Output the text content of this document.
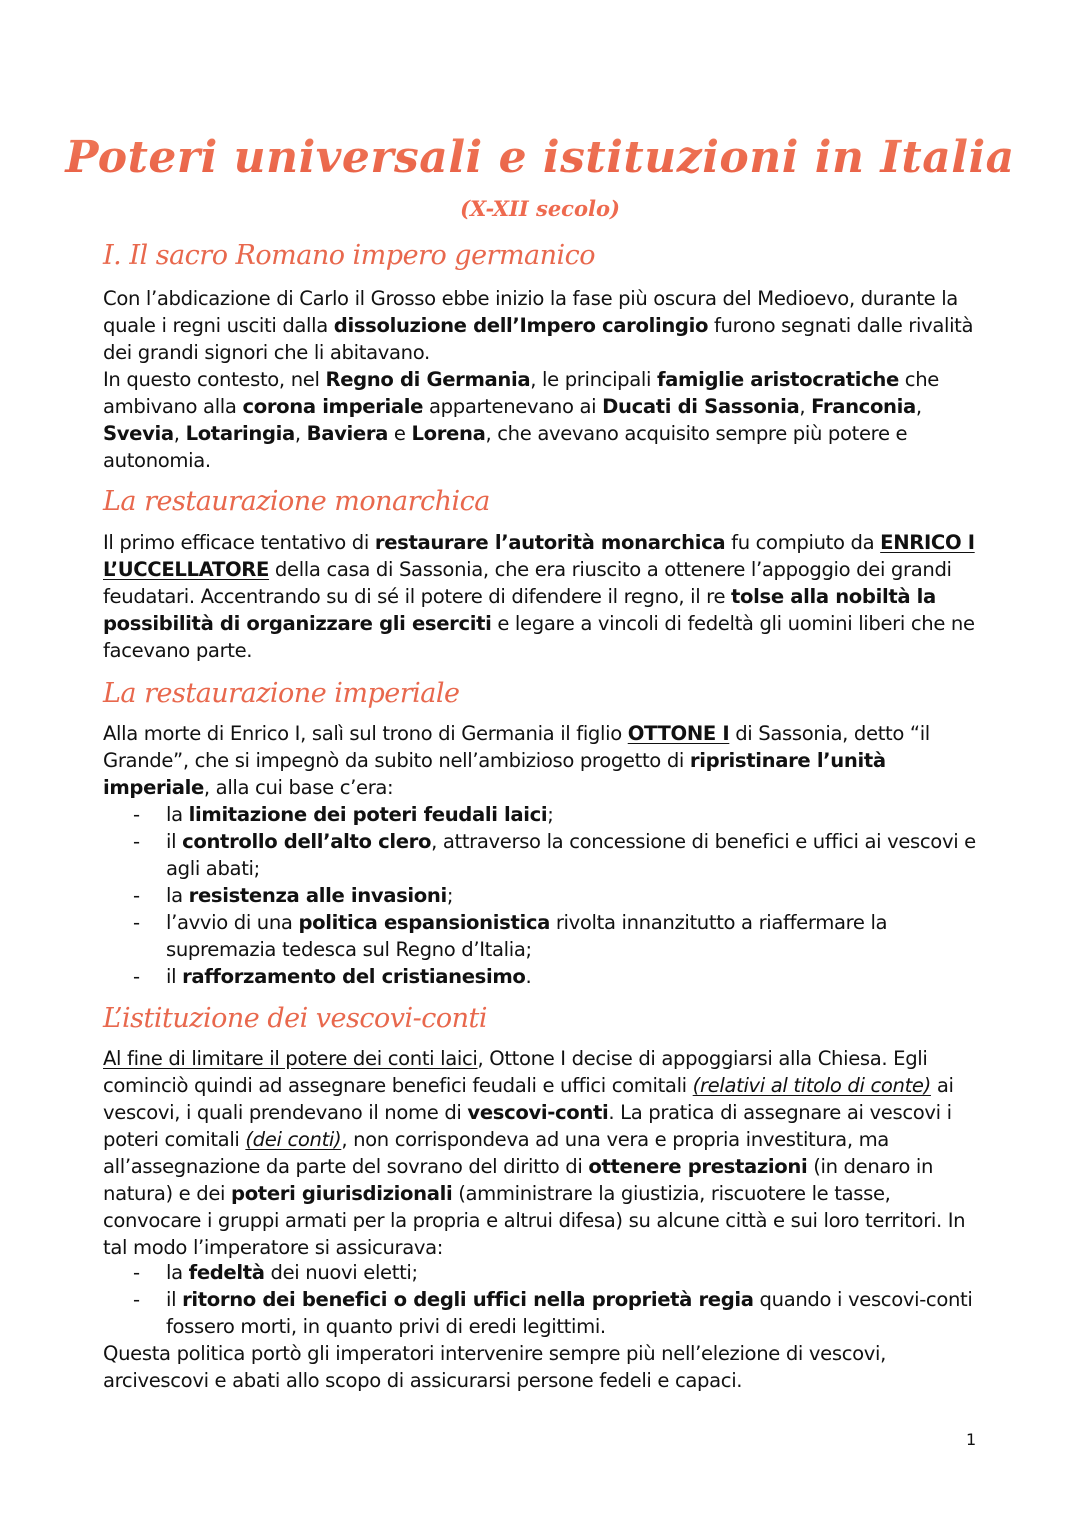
Poteri universali e istituzioni in Italia
(X-XII secolo)
I. Il sacro Romano impero germanico
Con l’abdicazione di Carlo il Grosso ebbe inizio la fase più oscura del Medioevo, durante la quale i regni usciti dalla dissoluzione dell’Impero carolingio furono segnati dalle rivalità dei grandi signori che li abitavano.
In questo contesto, nel Regno di Germania, le principali famiglie aristocratiche che ambivano alla corona imperiale appartenevano ai Ducati di Sassonia, Franconia, Svevia, Lotaringia, Baviera e Lorena, che avevano acquisito sempre più potere e autonomia.
La restaurazione monarchica
Il primo efficace tentativo di restaurare l’autorità monarchica fu compiuto da ENRICO I L’UCCELLATORE della casa di Sassonia, che era riuscito a ottenere l’appoggio dei grandi feudatari. Accentrando su di sé il potere di difendere il regno, il re tolse alla nobiltà la possibilità di organizzare gli eserciti e legare a vincoli di fedeltà gli uomini liberi che ne facevano parte.
La restaurazione imperiale
Alla morte di Enrico I, salì sul trono di Germania il figlio OTTONE I di Sassonia, detto “il Grande”, che si impegnò da subito nell’ambizioso progetto di ripristinare l’unità imperiale, alla cui base c’era:
- la limitazione dei poteri feudali laici;
- il controllo dell’alto clero, attraverso la concessione di benefici e uffici ai vescovi e agli abati;
- la resistenza alle invasioni;
- l’avvio di una politica espansionistica rivolta innanzitutto a riaffermare la supremazia tedesca sul Regno d’Italia;
- il rafforzamento del cristianesimo.
L’istituzione dei vescovi-conti
Al fine di limitare il potere dei conti laici, Ottone I decise di appoggiarsi alla Chiesa. Egli cominciò quindi ad assegnare benefici feudali e uffici comitali (relativi al titolo di conte) ai vescovi, i quali prendevano il nome di vescovi-conti. La pratica di assegnare ai vescovi i poteri comitali (dei conti), non corrispondeva ad una vera e propria investitura, ma all’assegnazione da parte del sovrano del diritto di ottenere prestazioni (in denaro in natura) e dei poteri giurisdizionali (amministrare la giustizia, riscuotere le tasse, convocare i gruppi armati per la propria e altrui difesa) su alcune città e sui loro territori. In tal modo l’imperatore si assicurava:
- la fedeltà dei nuovi eletti;
- il ritorno dei benefici o degli uffici nella proprietà regia quando i vescovi-conti fossero morti, in quanto privi di eredi legittimi.
Questa politica portò gli imperatori intervenire sempre più nell’elezione di vescovi, arcivescovi e abati allo scopo di assicurarsi persone fedeli e capaci.
1
